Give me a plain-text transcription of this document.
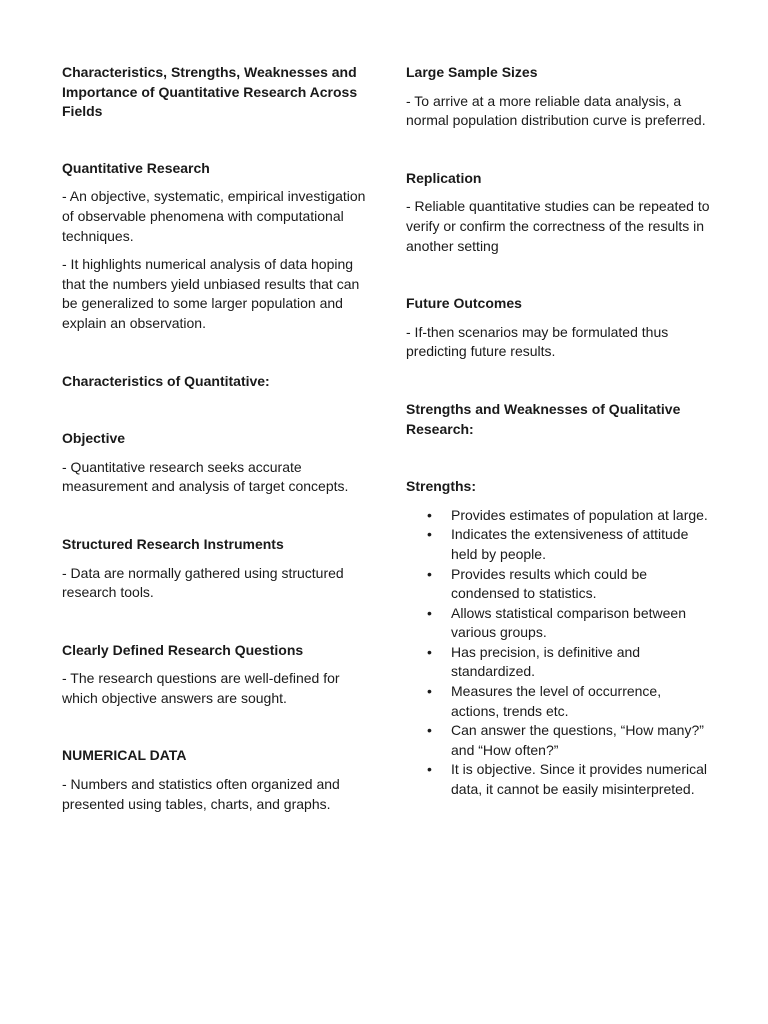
Characteristics, Strengths, Weaknesses and Importance of Quantitative Research Across Fields
Quantitative Research

- An objective, systematic, empirical investigation of observable phenomena with computational techniques.

- It highlights numerical analysis of data hoping that the numbers yield unbiased results that can be generalized to some larger population and explain an observation.

Characteristics of Quantitative:
Objective

- Quantitative research seeks accurate measurement and analysis of target concepts.

Structured Research Instruments

- Data are normally gathered using structured research tools.

Clearly Defined Research Questions

- The research questions are well-defined for which objective answers are sought.

NUMERICAL DATA

- Numbers and statistics often organized and presented using tables, charts, and graphs.

Large Sample Sizes

- To arrive at a more reliable data analysis, a normal population distribution curve is preferred.

Replication

- Reliable quantitative studies can be repeated to verify or confirm the correctness of the results in another setting

Future Outcomes

- If-then scenarios may be formulated thus predicting future results.

Strengths and Weaknesses of Qualitative Research:
Strengths:
• Provides estimates of population at large.
• Indicates the extensiveness of attitude held by people.
• Provides results which could be condensed to statistics.
• Allows statistical comparison between various groups.
• Has precision, is definitive and standardized.
• Measures the level of occurrence, actions, trends etc.
• Can answer the questions, “How many?” and “How often?”
• It is objective. Since it provides numerical data, it cannot be easily misinterpreted.
